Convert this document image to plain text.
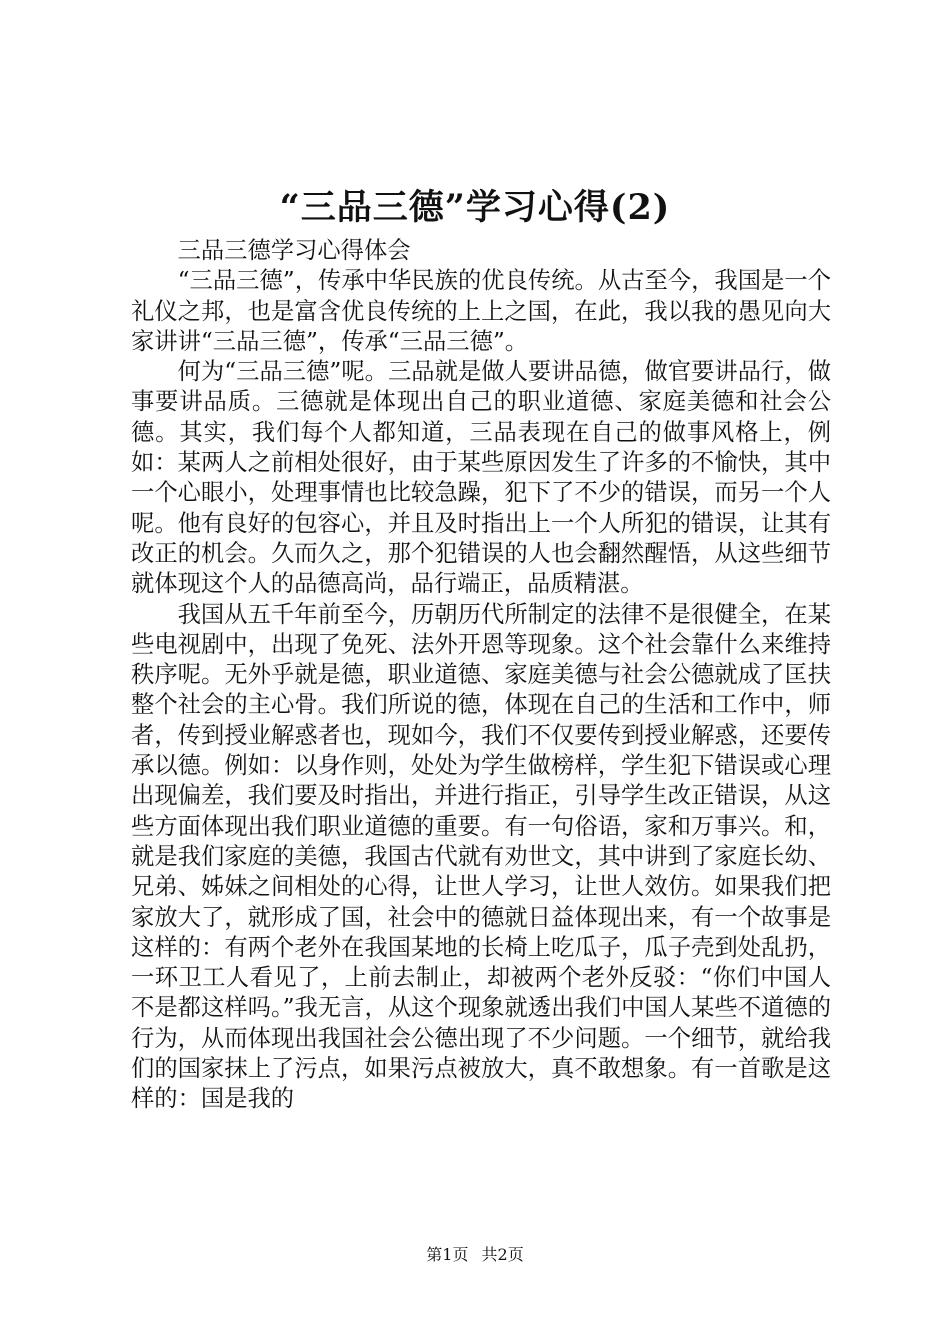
“三品三德”学习心得(2)

三品三德学习心得体会

“三品三德”，传承中华民族的优良传统。从古至今，我国是一个礼仪之邦，也是富含优良传统的上上之国，在此，我以我的愚见向大家讲讲“三品三德”，传承“三品三德”。

何为“三品三德”呢。三品就是做人要讲品德，做官要讲品行，做事要讲品质。三德就是体现出自己的职业道德、家庭美德和社会公德。其实，我们每个人都知道，三品表现在自己的做事风格上，例如：某两人之前相处很好，由于某些原因发生了许多的不愉快，其中一个心眼小，处理事情也比较急躁，犯下了不少的错误，而另一个人呢。他有良好的包容心，并且及时指出上一个人所犯的错误，让其有改正的机会。久而久之，那个犯错误的人也会翻然醒悟，从这些细节就体现这个人的品德高尚，品行端正，品质精湛。

我国从五千年前至今，历朝历代所制定的法律不是很健全，在某些电视剧中，出现了免死、法外开恩等现象。这个社会靠什么来维持秩序呢。无外乎就是德，职业道德、家庭美德与社会公德就成了匡扶整个社会的主心骨。我们所说的德，体现在自己的生活和工作中，师者，传到授业解惑者也，现如今，我们不仅要传到授业解惑，还要传承以德。例如：以身作则，处处为学生做榜样，学生犯下错误或心理出现偏差，我们要及时指出，并进行指正，引导学生改正错误，从这些方面体现出我们职业道德的重要。有一句俗语，家和万事兴。和，就是我们家庭的美德，我国古代就有劝世文，其中讲到了家庭长幼、兄弟、姊妹之间相处的心得，让世人学习，让世人效仿。如果我们把家放大了，就形成了国，社会中的德就日益体现出来，有一个故事是这样的：有两个老外在我国某地的长椅上吃瓜子，瓜子壳到处乱扔，一环卫工人看见了，上前去制止，却被两个老外反驳：“你们中国人不是都这样吗。”我无言，从这个现象就透出我们中国人某些不道德的行为，从而体现出我国社会公德出现了不少问题。一个细节，就给我们的国家抹上了污点，如果污点被放大，真不敢想象。有一首歌是这样的：国是我的

第1页 共2页
